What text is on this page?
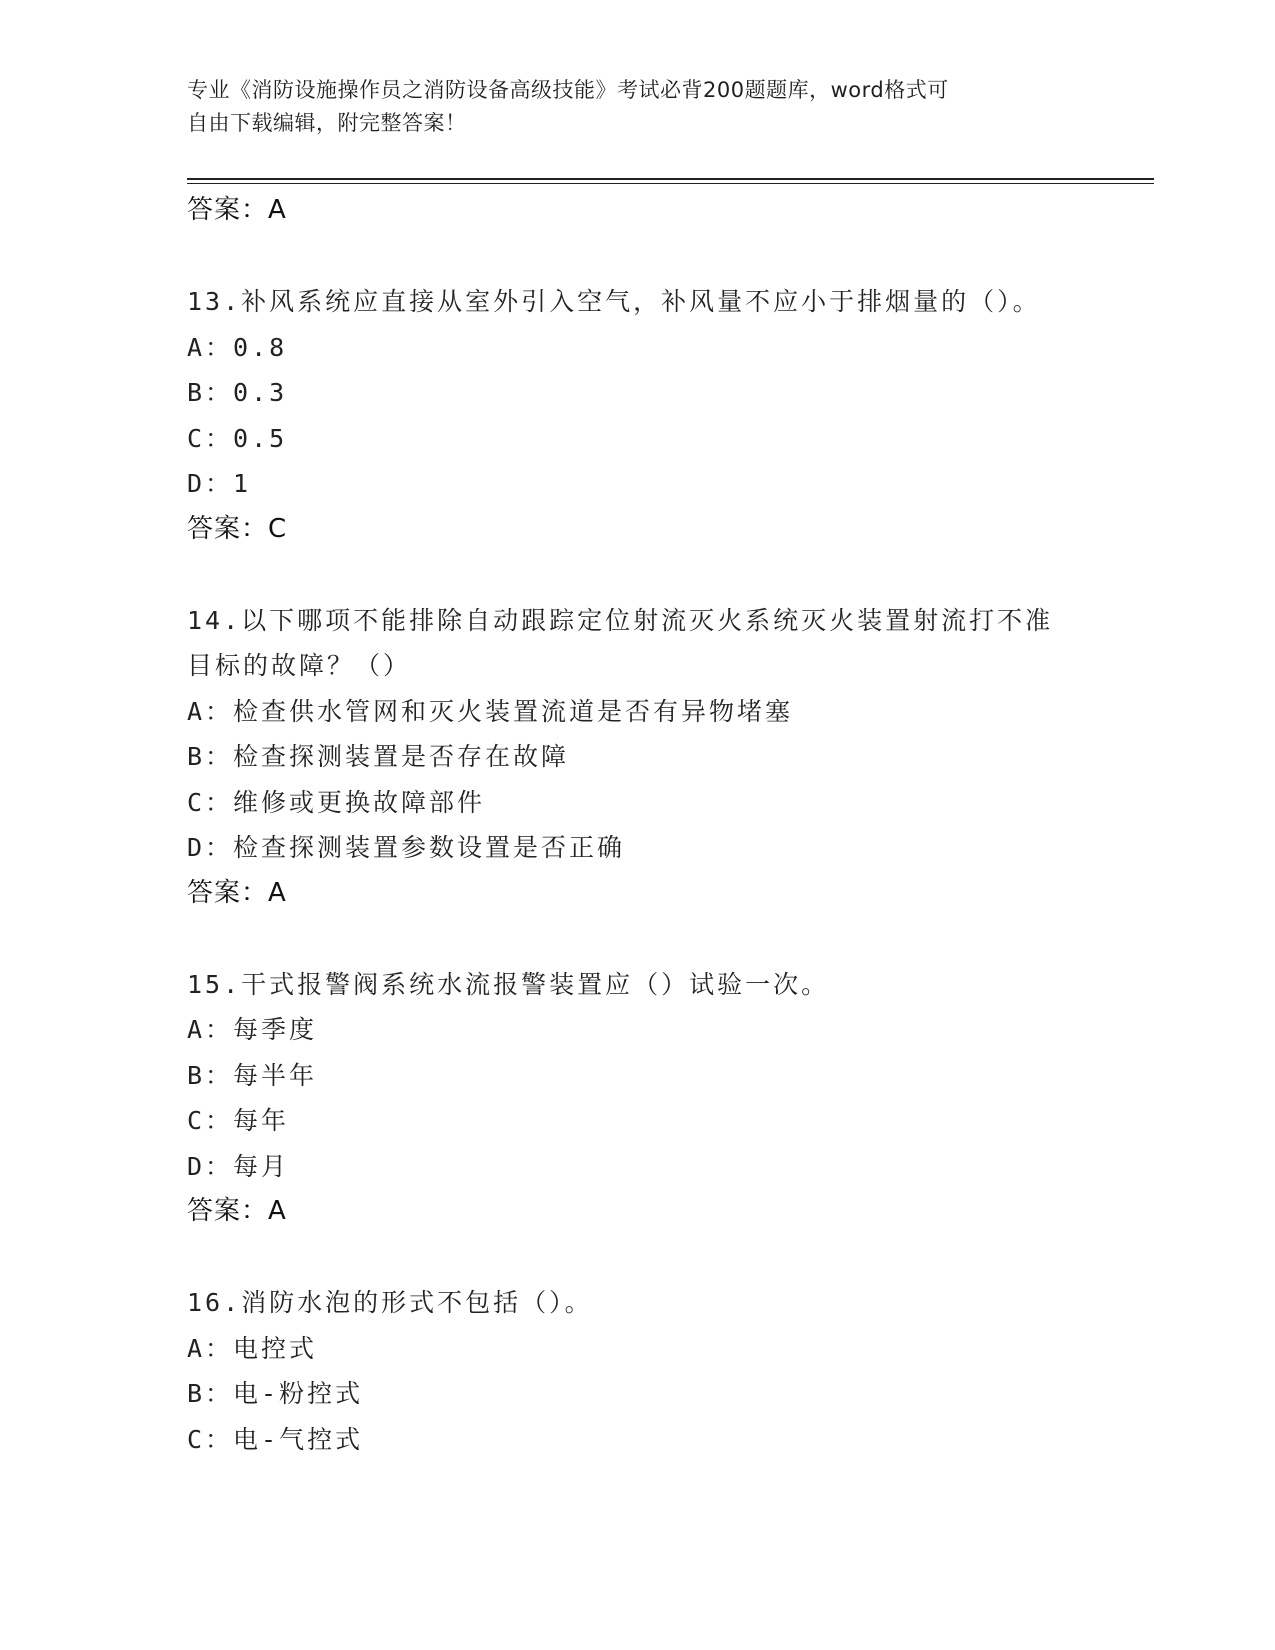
专业《消防设施操作员之消防设备高级技能》考试必背200题题库，word格式可
自由下载编辑，附完整答案！
答案：A
13.补风系统应直接从室外引入空气，补风量不应小于排烟量的（）。
A：0.8
B：0.3
C：0.5
D：1
答案：C
14.以下哪项不能排除自动跟踪定位射流灭火系统灭火装置射流打不准
目标的故障？（）
A：检查供水管网和灭火装置流道是否有异物堵塞
B：检查探测装置是否存在故障
C：维修或更换故障部件
D：检查探测装置参数设置是否正确
答案：A
15.干式报警阀系统水流报警装置应（）试验一次。
A：每季度
B：每半年
C：每年
D：每月
答案：A
16.消防水泡的形式不包括（）。
A：电控式
B：电-粉控式
C：电-气控式
